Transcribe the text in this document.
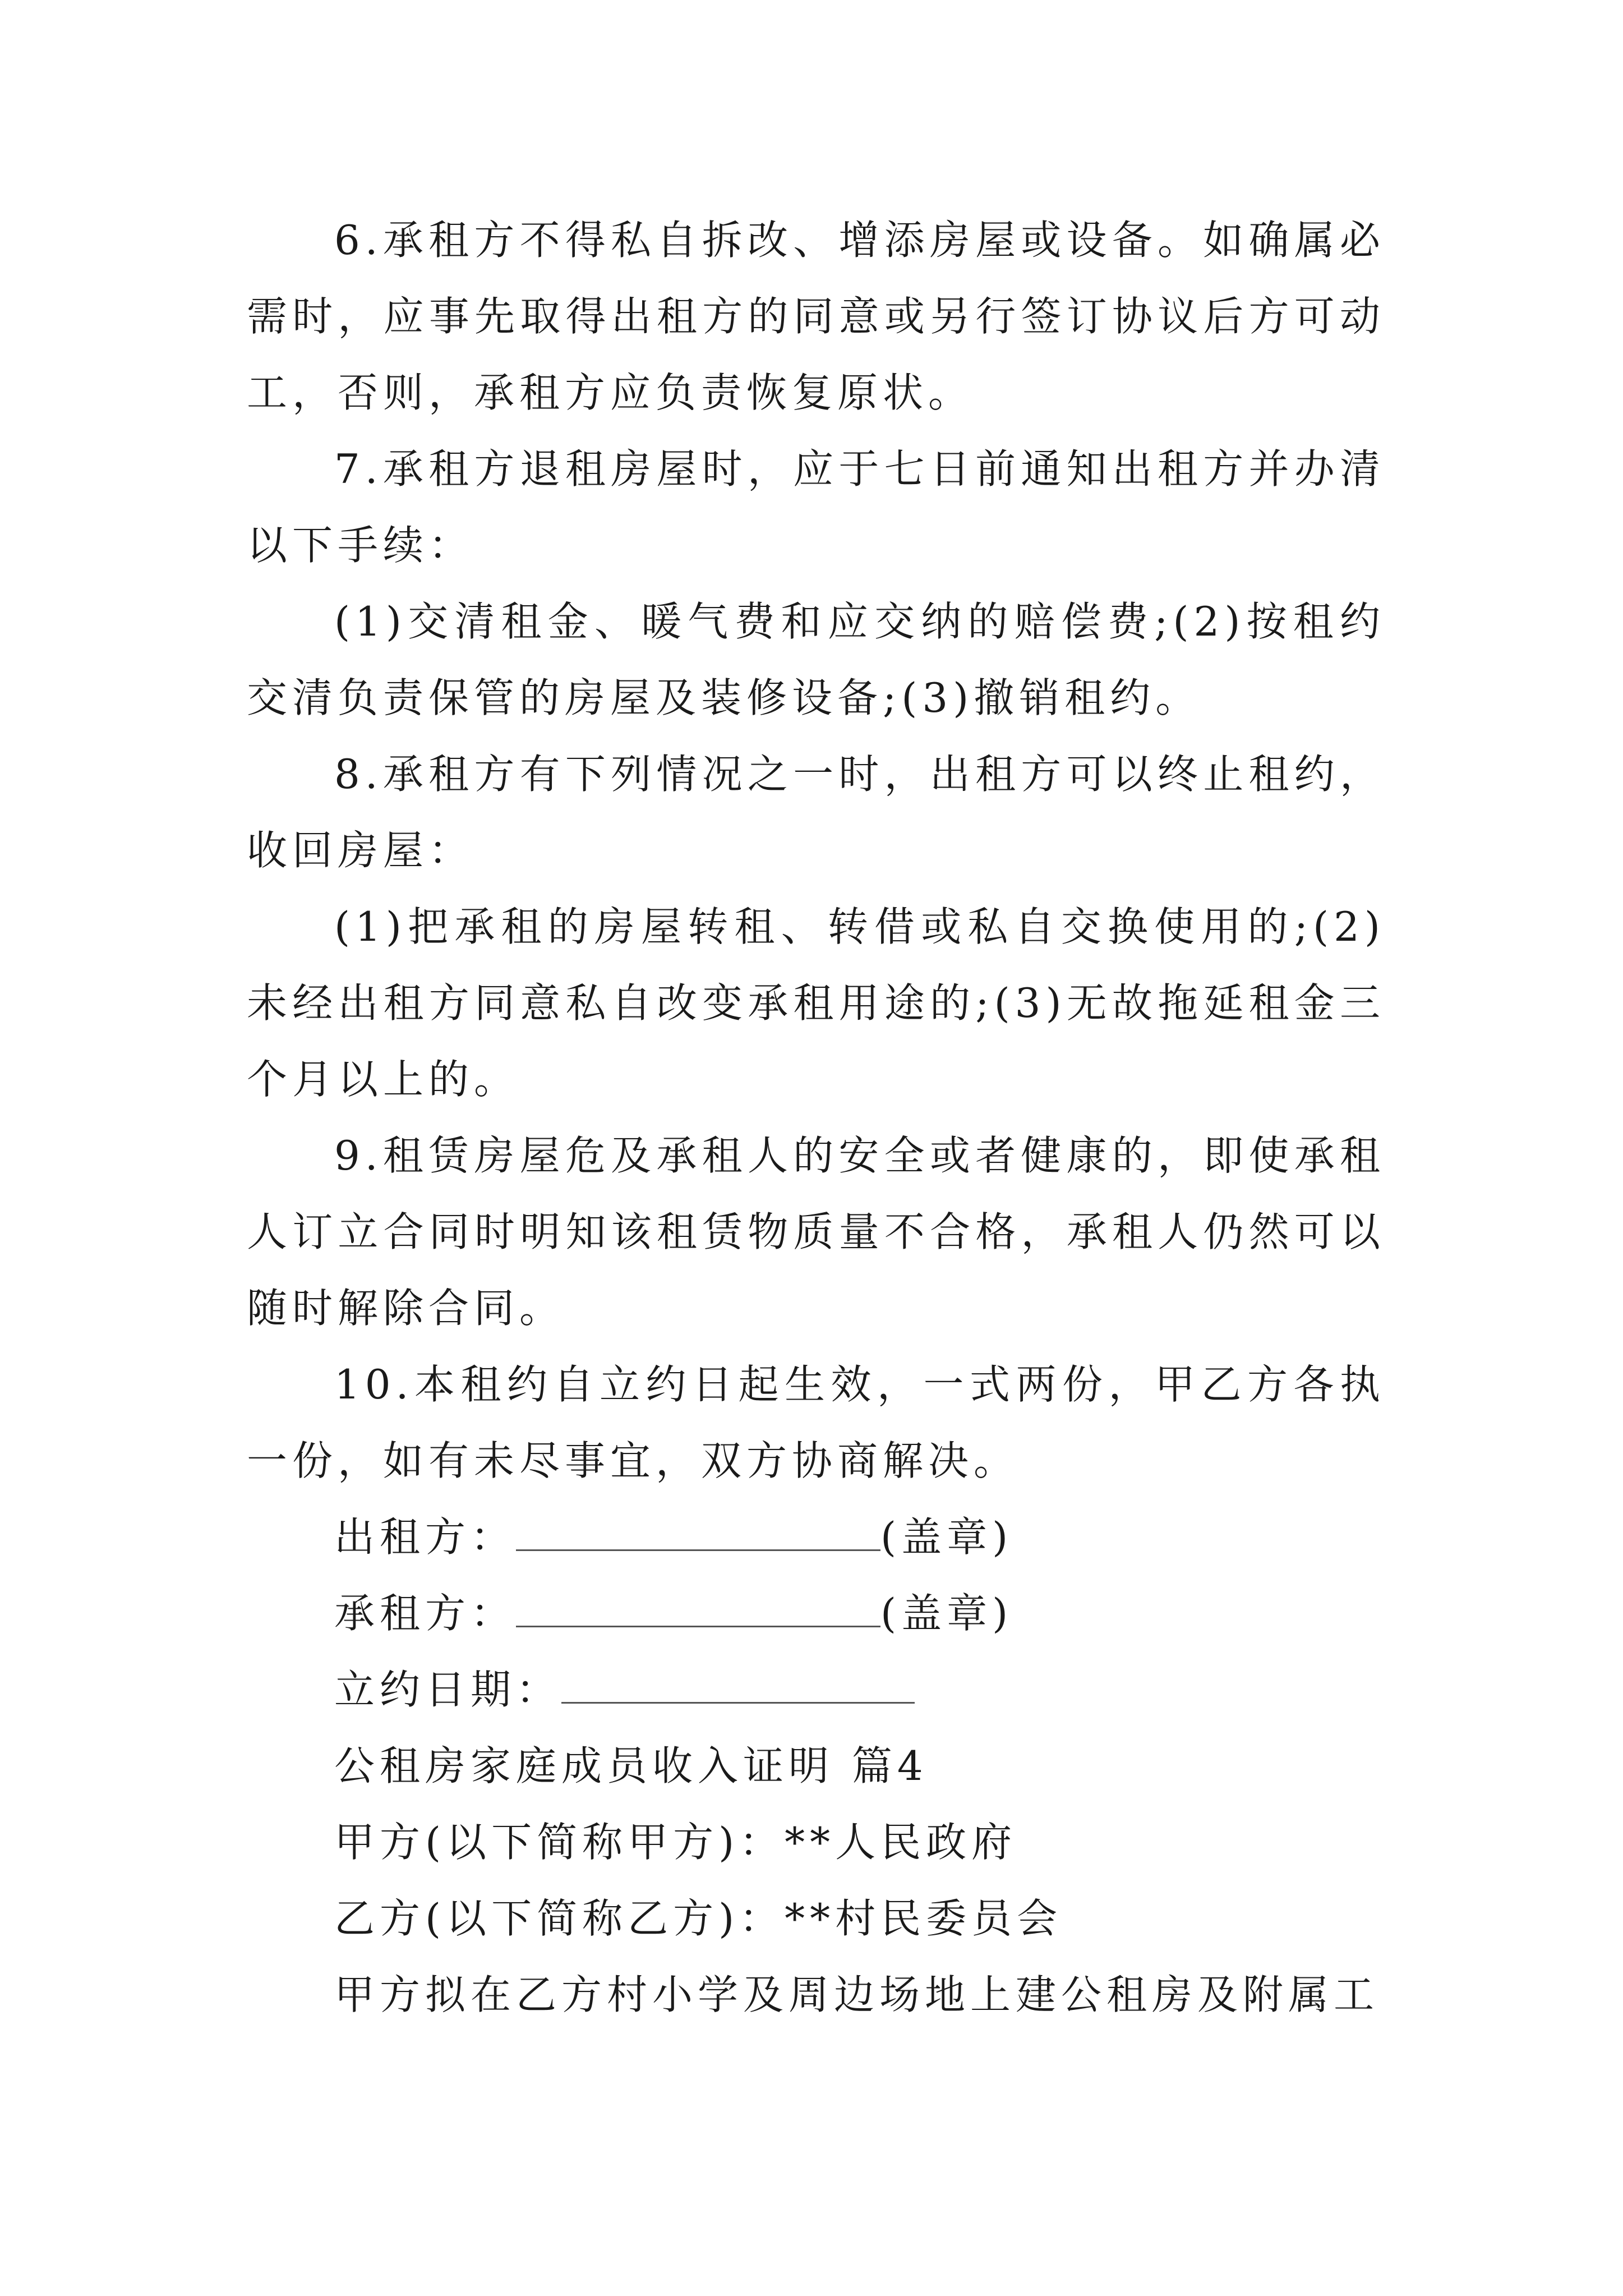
6.承租方不得私自拆改、增添房屋或设备。如确属必需时，应事先取得出租方的同意或另行签订协议后方可动工，否则，承租方应负责恢复原状。

7.承租方退租房屋时，应于七日前通知出租方并办清以下手续：

(1)交清租金、暖气费和应交纳的赔偿费;(2)按租约交清负责保管的房屋及装修设备;(3)撤销租约。

8.承租方有下列情况之一时，出租方可以终止租约，收回房屋：

(1)把承租的房屋转租、转借或私自交换使用的;(2)未经出租方同意私自改变承租用途的;(3)无故拖延租金三个月以上的。

9.租赁房屋危及承租人的安全或者健康的，即使承租人订立合同时明知该租赁物质量不合格，承租人仍然可以随时解除合同。

10.本租约自立约日起生效，一式两份，甲乙方各执一份，如有未尽事宜，双方协商解决。

出租方：	(盖章)

承租方：	(盖章)

立约日期：

公租房家庭成员收入证明 篇4

甲方(以下简称甲方)：**人民政府

乙方(以下简称乙方)：**村民委员会

甲方拟在乙方村小学及周边场地上建公租房及附属工
